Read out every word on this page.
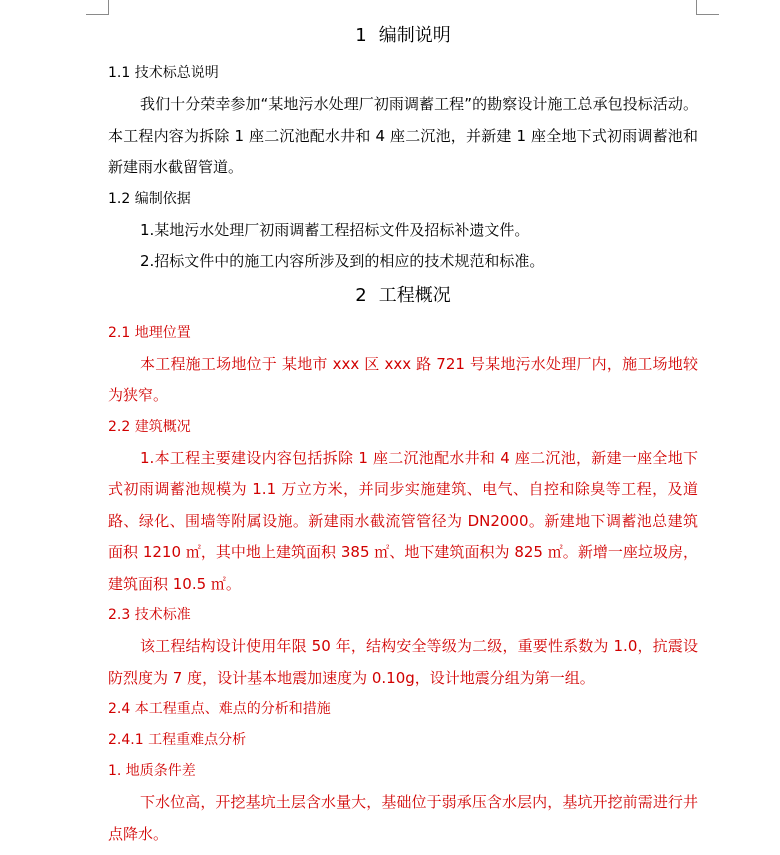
1 编制说明
1.1 技术标总说明
我们十分荣幸参加“某地污水处理厂初雨调蓄工程”的勘察设计施工总承包投标活动。本工程内容为拆除 1 座二沉池配水井和 4 座二沉池，并新建 1 座全地下式初雨调蓄池和新建雨水截留管道。
1.2 编制依据
1.某地污水处理厂初雨调蓄工程招标文件及招标补遗文件。
2.招标文件中的施工内容所涉及到的相应的技术规范和标准。
2 工程概况
2.1 地理位置
本工程施工场地位于 某地市 xxx 区 xxx 路 721 号某地污水处理厂内，施工场地较为狭窄。
2.2 建筑概况
1.本工程主要建设内容包括拆除 1 座二沉池配水井和 4 座二沉池，新建一座全地下式初雨调蓄池规模为 1.1 万立方米，并同步实施建筑、电气、自控和除臭等工程，及道路、绿化、围墙等附属设施。新建雨水截流管管径为 DN2000。新建地下调蓄池总建筑面积 1210 ㎡，其中地上建筑面积 385 ㎡、地下建筑面积为 825 ㎡。新增一座垃圾房，建筑面积 10.5 ㎡。
2.3 技术标准
该工程结构设计使用年限 50 年，结构安全等级为二级，重要性系数为 1.0，抗震设防烈度为 7 度，设计基本地震加速度为 0.10g，设计地震分组为第一组。
2.4 本工程重点、难点的分析和措施
2.4.1 工程重难点分析
1. 地质条件差
下水位高，开挖基坑土层含水量大，基础位于弱承压含水层内，基坑开挖前需进行井点降水。
